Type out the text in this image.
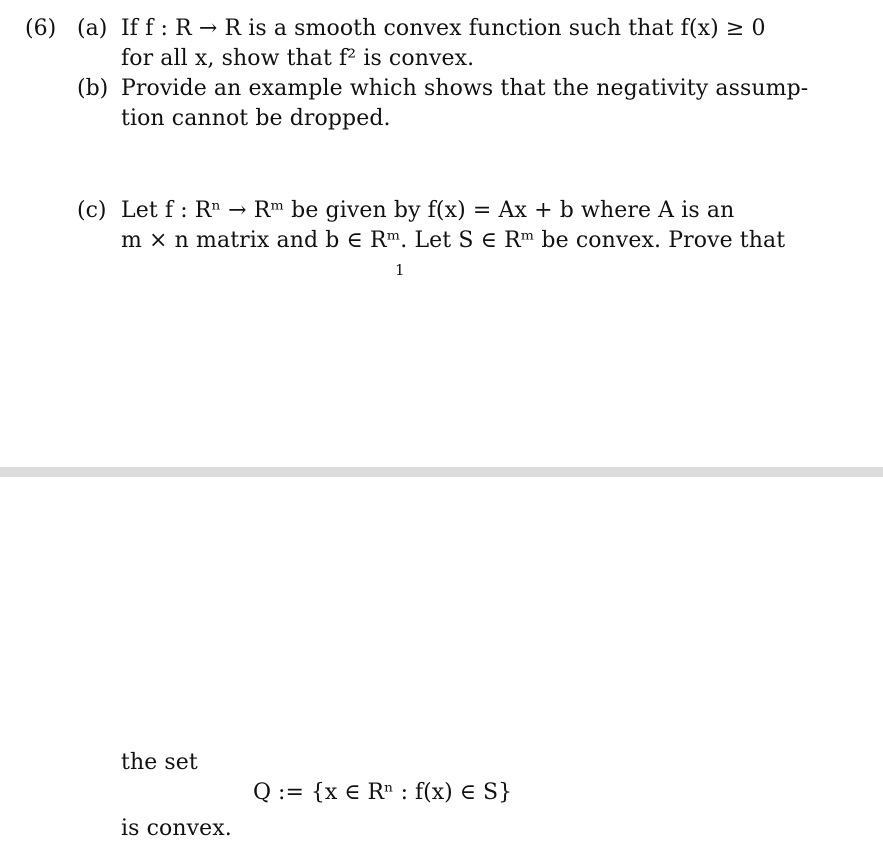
(6) (a) If f : R → R is a smooth convex function such that f(x) ≥ 0
for all x, show that f² is convex.
(b) Provide an example which shows that the negativity assump-
tion cannot be dropped.
(c) Let f : Rⁿ → Rᵐ be given by f(x) = Ax + b where A is an
m × n matrix and b ∈ Rᵐ. Let S ∈ Rᵐ be convex. Prove that
1
the set
Q := {x ∈ Rⁿ : f(x) ∈ S}
is convex.
